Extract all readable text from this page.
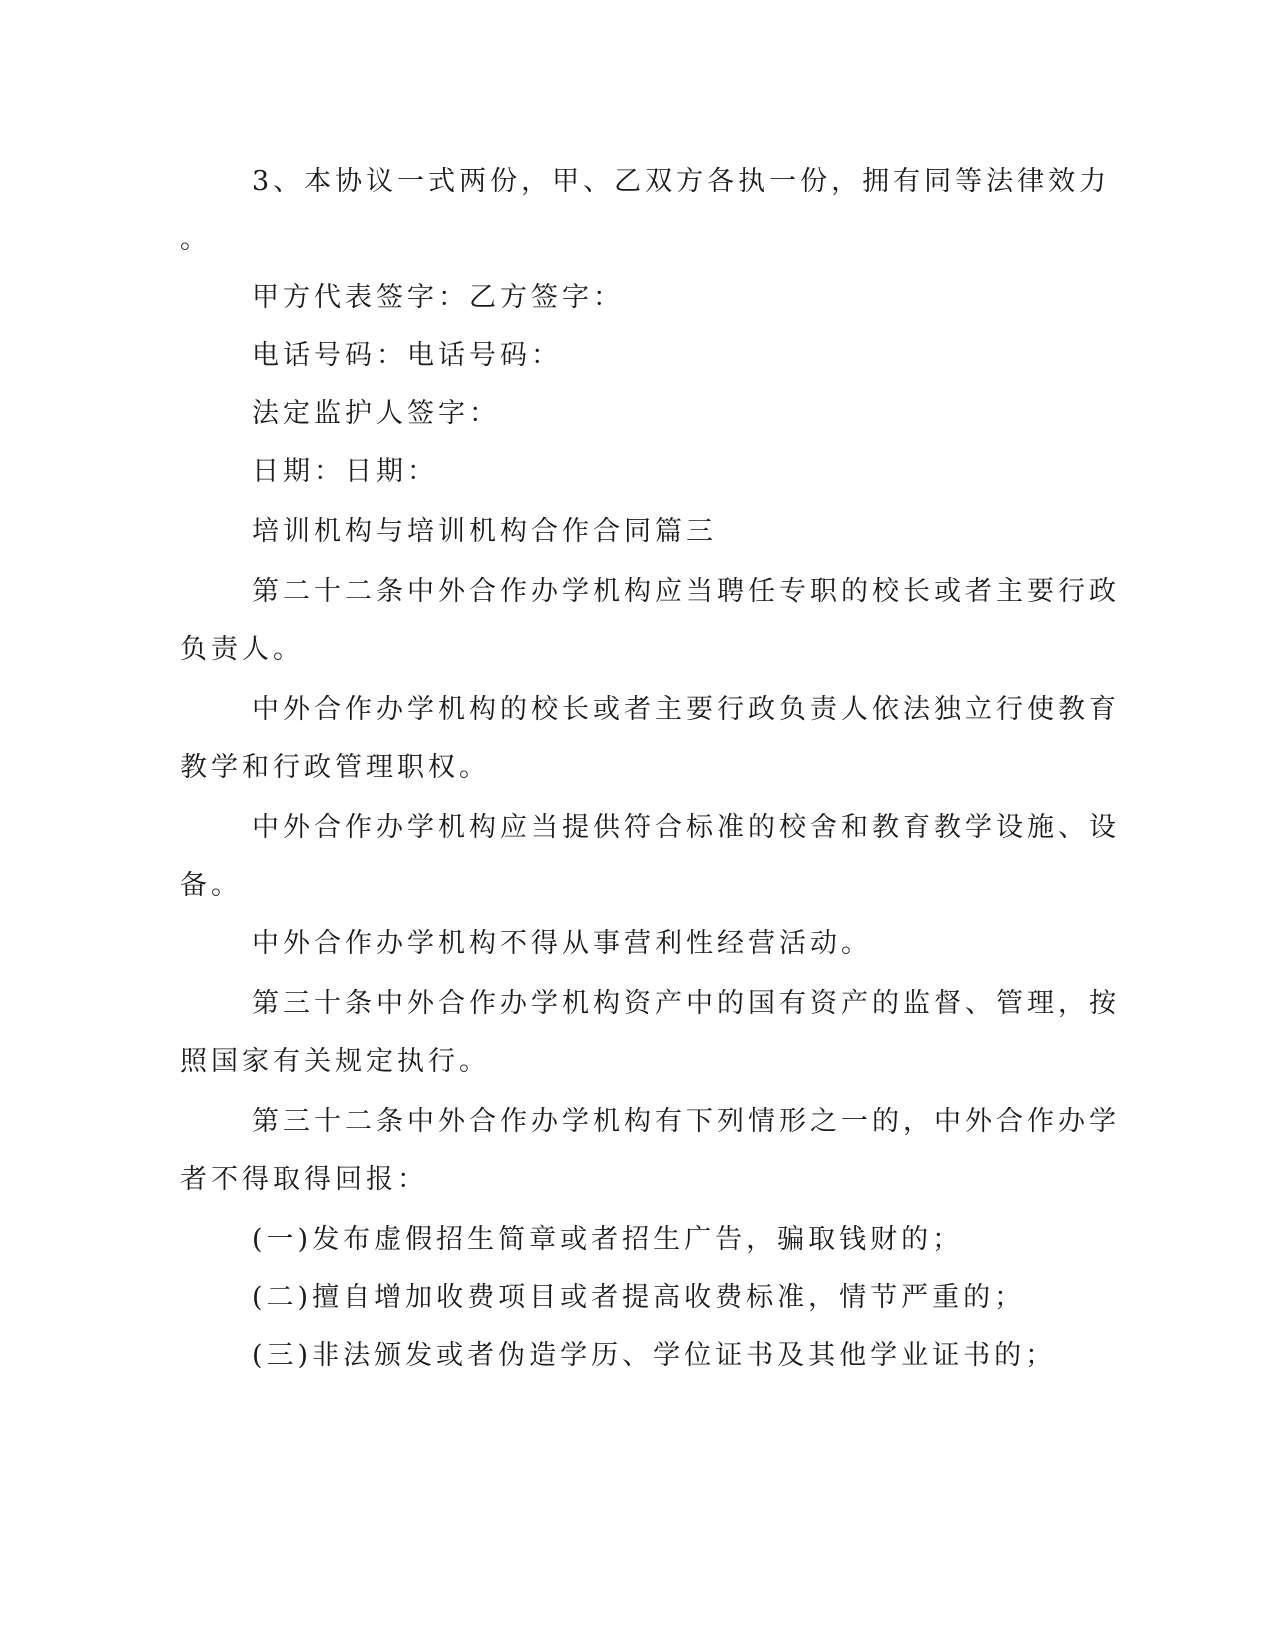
3、本协议一式两份，甲、乙双方各执一份，拥有同等法律效力

。

甲方代表签字：乙方签字：

电话号码：电话号码：

法定监护人签字：

日期：日期：

培训机构与培训机构合作合同篇三

第二十二条中外合作办学机构应当聘任专职的校长或者主要行政

负责人。

中外合作办学机构的校长或者主要行政负责人依法独立行使教育

教学和行政管理职权。

中外合作办学机构应当提供符合标准的校舍和教育教学设施、设

备。

中外合作办学机构不得从事营利性经营活动。

第三十条中外合作办学机构资产中的国有资产的监督、管理，按

照国家有关规定执行。

第三十二条中外合作办学机构有下列情形之一的，中外合作办学

者不得取得回报：

(一)发布虚假招生简章或者招生广告，骗取钱财的；

(二)擅自增加收费项目或者提高收费标准，情节严重的；

(三)非法颁发或者伪造学历、学位证书及其他学业证书的；
